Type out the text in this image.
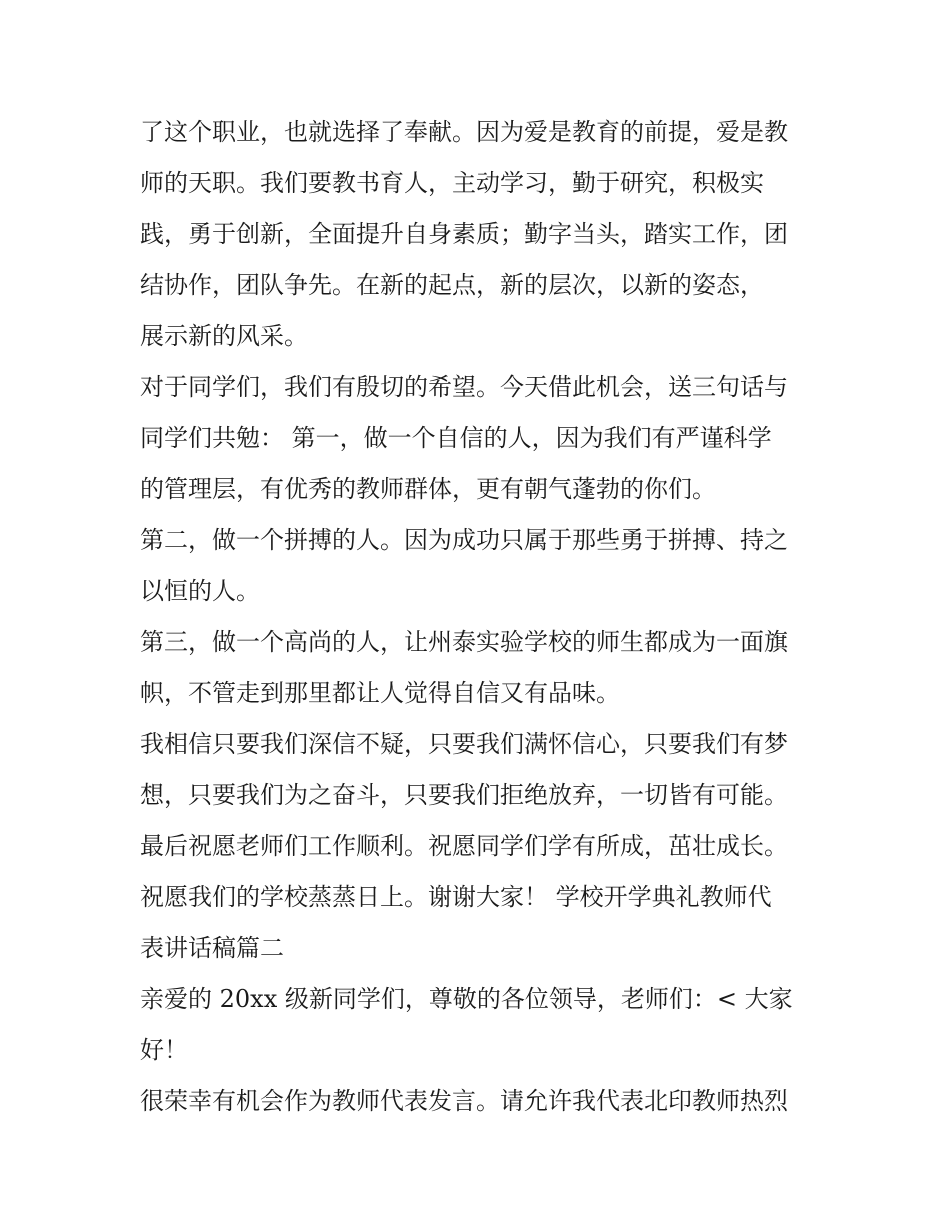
了这个职业，也就选择了奉献。因为爱是教育的前提，爱是教
师的天职。我们要教书育人，主动学习，勤于研究，积极实
践，勇于创新，全面提升自身素质；勤字当头，踏实工作，团
结协作，团队争先。在新的起点，新的层次，以新的姿态，
展示新的风采。
对于同学们，我们有殷切的希望。今天借此机会，送三句话与
同学们共勉： 第一，做一个自信的人，因为我们有严谨科学
的管理层，有优秀的教师群体，更有朝气蓬勃的你们。
第二，做一个拼搏的人。因为成功只属于那些勇于拼搏、持之
以恒的人。
第三，做一个高尚的人，让州泰实验学校的师生都成为一面旗
帜，不管走到那里都让人觉得自信又有品味。
我相信只要我们深信不疑，只要我们满怀信心，只要我们有梦
想，只要我们为之奋斗，只要我们拒绝放弃，一切皆有可能。
最后祝愿老师们工作顺利。祝愿同学们学有所成，茁壮成长。
祝愿我们的学校蒸蒸日上。谢谢大家！ 学校开学典礼教师代
表讲话稿篇二
亲爱的 20xx 级新同学们，尊敬的各位领导，老师们：< 大家
好！
很荣幸有机会作为教师代表发言。请允许我代表北印教师热烈
